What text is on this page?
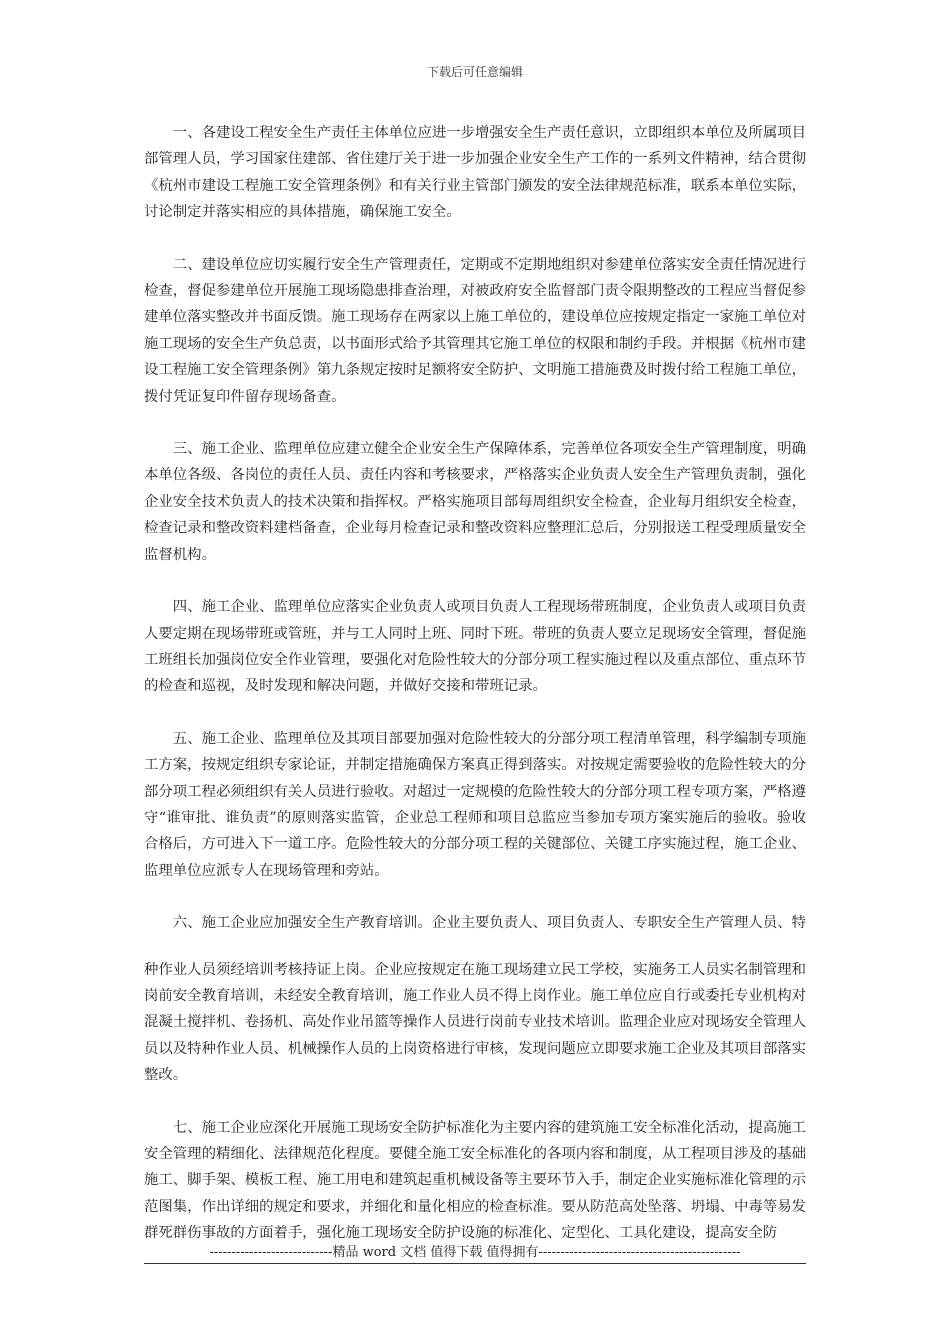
下载后可任意编辑

一、各建设工程安全生产责任主体单位应进一步增强安全生产责任意识，立即组织本单位及所属项目部管理人员，学习国家住建部、省住建厅关于进一步加强企业安全生产工作的一系列文件精神，结合贯彻《杭州市建设工程施工安全管理条例》和有关行业主管部门颁发的安全法律规范标准，联系本单位实际，讨论制定并落实相应的具体措施，确保施工安全。

二、建设单位应切实履行安全生产管理责任，定期或不定期地组织对参建单位落实安全责任情况进行检查，督促参建单位开展施工现场隐患排查治理，对被政府安全监督部门责令限期整改的工程应当督促参建单位落实整改并书面反馈。施工现场存在两家以上施工单位的，建设单位应按规定指定一家施工单位对施工现场的安全生产负总责，以书面形式给予其管理其它施工单位的权限和制约手段。并根据《杭州市建设工程施工安全管理条例》第九条规定按时足额将安全防护、文明施工措施费及时拨付给工程施工单位，拨付凭证复印件留存现场备查。

三、施工企业、监理单位应建立健全企业安全生产保障体系，完善单位各项安全生产管理制度，明确本单位各级、各岗位的责任人员、责任内容和考核要求，严格落实企业负责人安全生产管理负责制，强化企业安全技术负责人的技术决策和指挥权。严格实施项目部每周组织安全检查，企业每月组织安全检查，检查记录和整改资料建档备查，企业每月检查记录和整改资料应整理汇总后，分别报送工程受理质量安全监督机构。

四、施工企业、监理单位应落实企业负责人或项目负责人工程现场带班制度，企业负责人或项目负责人要定期在现场带班或管班，并与工人同时上班、同时下班。带班的负责人要立足现场安全管理，督促施工班组长加强岗位安全作业管理，要强化对危险性较大的分部分项工程实施过程以及重点部位、重点环节的检查和巡视，及时发现和解决问题，并做好交接和带班记录。

五、施工企业、监理单位及其项目部要加强对危险性较大的分部分项工程清单管理，科学编制专项施工方案，按规定组织专家论证，并制定措施确保方案真正得到落实。对按规定需要验收的危险性较大的分部分项工程必须组织有关人员进行验收。对超过一定规模的危险性较大的分部分项工程专项方案，严格遵守“谁审批、谁负责”的原则落实监管，企业总工程师和项目总监应当参加专项方案实施后的验收。验收合格后，方可进入下一道工序。危险性较大的分部分项工程的关键部位、关键工序实施过程，施工企业、监理单位应派专人在现场管理和旁站。

六、施工企业应加强安全生产教育培训。企业主要负责人、项目负责人、专职安全生产管理人员、特

种作业人员须经培训考核持证上岗。企业应按规定在施工现场建立民工学校，实施务工人员实名制管理和岗前安全教育培训，未经安全教育培训，施工作业人员不得上岗作业。施工单位应自行或委托专业机构对混凝土搅拌机、卷扬机、高处作业吊篮等操作人员进行岗前专业技术培训。监理企业应对现场安全管理人员以及特种作业人员、机械操作人员的上岗资格进行审核，发现问题应立即要求施工企业及其项目部落实整改。

七、施工企业应深化开展施工现场安全防护标准化为主要内容的建筑施工安全标准化活动，提高施工安全管理的精细化、法律规范化程度。要健全施工安全标准化的各项内容和制度，从工程项目涉及的基础施工、脚手架、模板工程、施工用电和建筑起重机械设备等主要环节入手，制定企业实施标准化管理的示范图集，作出详细的规定和要求，并细化和量化相应的检查标准。要从防范高处坠落、坍塌、中毒等易发群死群伤事故的方面着手，强化施工现场安全防护设施的标准化、定型化、工具化建设，提高安全防

----------------------------精品 word 文档 值得下载 值得拥有----------------------------------------------
